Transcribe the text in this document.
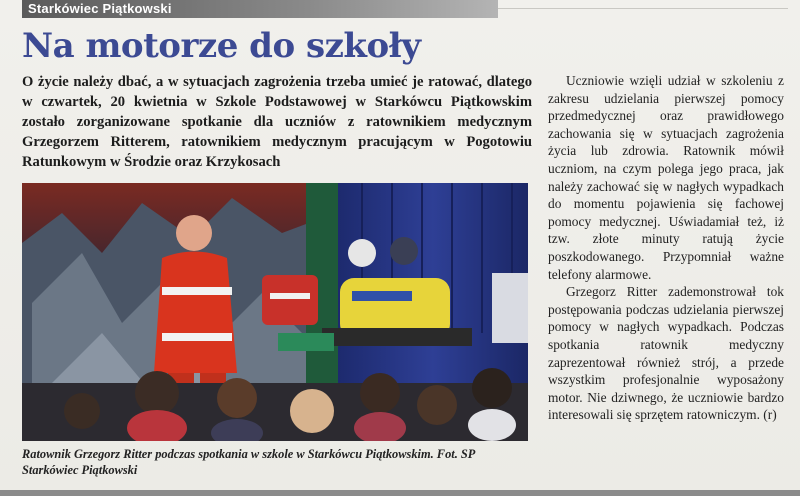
Starkówiec Piątkowski
Na motorze do szkoły

O życie należy dbać, a w sytuacjach zagrożenia trzeba umieć je ratować, dlatego w czwartek, 20 kwietnia w Szkole Podstawowej w Starkówcu Piątkowskim zostało zorganizowane spotkanie dla uczniów z ratownikiem medycznym Grzegorzem Ritterem, ratownikiem medycznym pracującym w Pogotowiu Ratunkowym w Środzie oraz Krzykosach

Ratownik Grzegorz Ritter podczas spotkania w szkole w Starkówcu Piątkowskim. Fot. SP Starkówiec Piątkowski

Uczniowie wzięli udział w szkoleniu z zakresu udzielania pierwszej pomocy przedmedycznej oraz prawidłowego zachowania się w sytuacjach zagrożenia życia lub zdrowia. Ratownik mówił uczniom, na czym polega jego praca, jak należy zachować się w nagłych wypadkach do momentu pojawienia się fachowej pomocy medycznej. Uświadamiał też, iż tzw. złote minuty ratują życie poszkodowanego. Przypomniał ważne telefony alarmowe.

Grzegorz Ritter zademonstrował tok postępowania podczas udzielania pierwszej pomocy w nagłych wypadkach. Podczas spotkania ratownik medyczny zaprezentował również strój, a przede wszystkim profesjonalnie wyposażony motor. Nie dziwnego, że uczniowie bardzo interesowali się sprzętem ratowniczym. (r)
